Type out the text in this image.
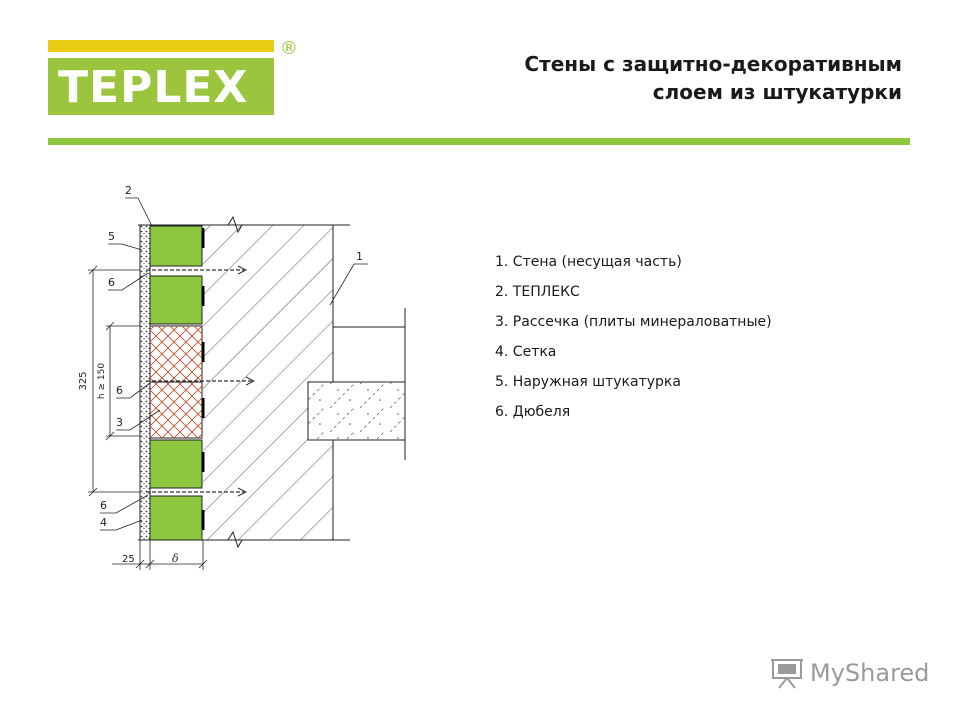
TEPLEX
®
Стены с защитно-декоративным
слоем из штукатурки
325 h ≥ 150
25	δ
2
5
6
6
3
6
4
1	1. Стена (несущая часть)
2. ТЕПЛЕКС
3. Рассечка (плиты минераловатные)
4. Сетка
5. Наружная штукатурка
6. Дюбеля
MyShared
